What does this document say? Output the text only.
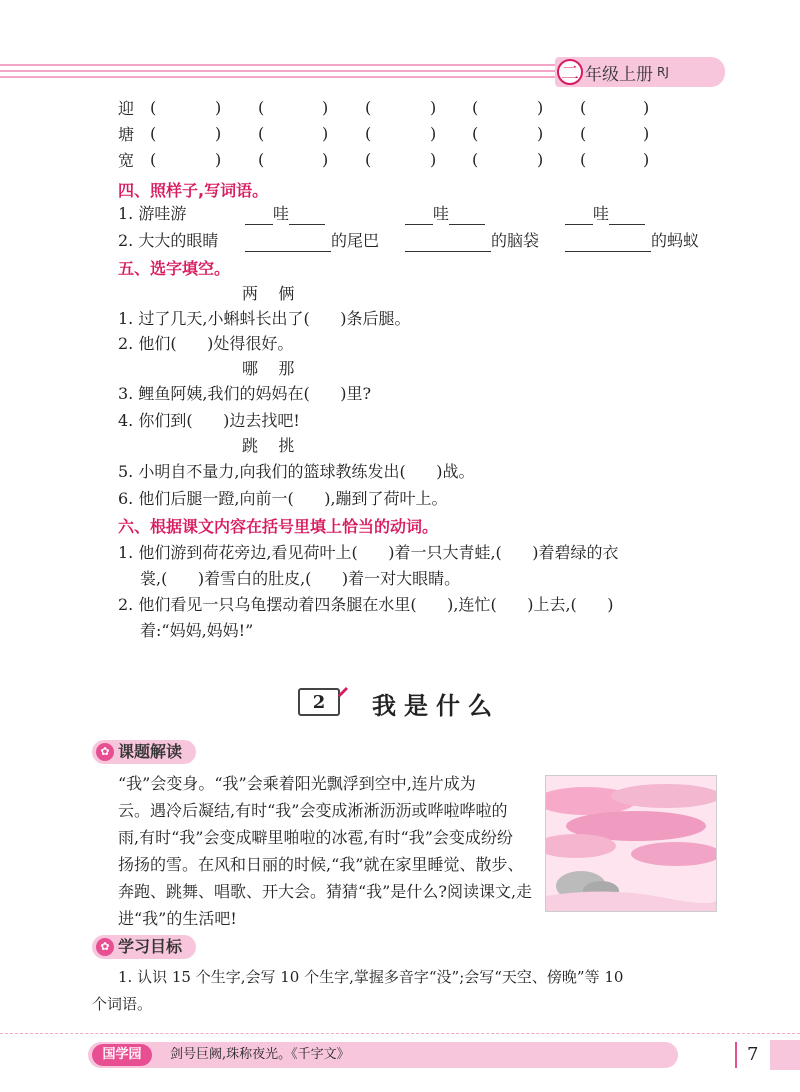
二 年级上册 RJ
迎 (	) (	) (	) (	) (	)
塘 (	) (	) (	) (	) (	)
宽 (	) (	) (	) (	) (	)
四、照样子,写词语。
1. 游哇游	哇	哇	哇
2. 大大的眼睛	的尾巴	的脑袋	的蚂蚁
五、选字填空。
两    俩
1. 过了几天,小蝌蚪长出了(      )条后腿。
2. 他们(      )处得很好。
哪    那
3. 鲤鱼阿姨,我们的妈妈在(      )里?
4. 你们到(      )边去找吧!
跳    挑
5. 小明自不量力,向我们的篮球教练发出(      )战。
6. 他们后腿一蹬,向前一(      ),蹦到了荷叶上。
六、根据课文内容在括号里填上恰当的动词。
1. 他们游到荷花旁边,看见荷叶上(      )着一只大青蛙,(      )着碧绿的衣
裳,(      )着雪白的肚皮,(      )着一对大眼睛。
2. 他们看见一只乌龟摆动着四条腿在水里(      ),连忙(      )上去,(      )
着:“妈妈,妈妈!”
2 我是什么
✿ 课题解读
“我”会变身。“我”会乘着阳光飘浮到空中,连片成为
云。遇冷后凝结,有时“我”会变成淅淅沥沥或哗啦哗啦的
雨,有时“我”会变成噼里啪啦的冰雹,有时“我”会变成纷纷
扬扬的雪。在风和日丽的时候,“我”就在家里睡觉、散步、
奔跑、跳舞、唱歌、开大会。猜猜“我”是什么?阅读课文,走
进“我”的生活吧!
✿ 学习目标
1. 认识 15 个生字,会写 10 个生字,掌握多音字“没”;会写“天空、傍晚”等 10
个词语。
国学园	剑号巨阙,珠称夜光。《千字文》	7
